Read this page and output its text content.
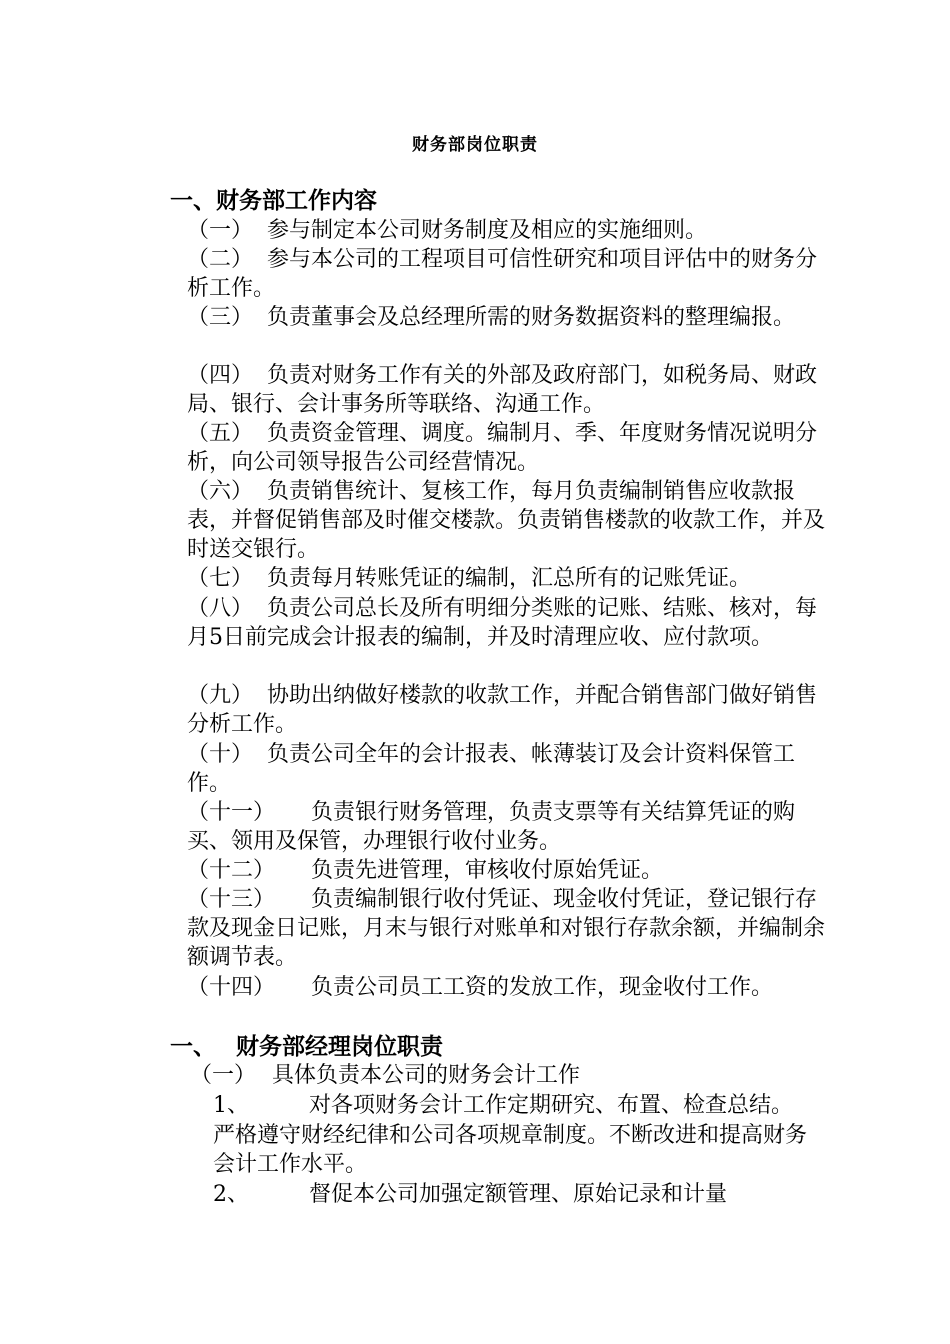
财务部岗位职责
一、财务部工作内容
（一） 参与制定本公司财务制度及相应的实施细则。
（二） 参与本公司的工程项目可信性研究和项目评估中的财务分析工作。
（三） 负责董事会及总经理所需的财务数据资料的整理编报。
（四） 负责对财务工作有关的外部及政府部门，如税务局、财政局、银行、会计事务所等联络、沟通工作。
（五） 负责资金管理、调度。编制月、季、年度财务情况说明分析，向公司领导报告公司经营情况。
（六） 负责销售统计、复核工作，每月负责编制销售应收款报表，并督促销售部及时催交楼款。负责销售楼款的收款工作，并及时送交银行。
（七） 负责每月转账凭证的编制，汇总所有的记账凭证。
（八） 负责公司总长及所有明细分类账的记账、结账、核对，每月5日前完成会计报表的编制，并及时清理应收、应付款项。
（九） 协助出纳做好楼款的收款工作，并配合销售部门做好销售分析工作。
（十） 负责公司全年的会计报表、帐薄装订及会计资料保管工作。
（十一） 负责银行财务管理，负责支票等有关结算凭证的购买、领用及保管，办理银行收付业务。
（十二） 负责先进管理，审核收付原始凭证。
（十三） 负责编制银行收付凭证、现金收付凭证，登记银行存款及现金日记账，月末与银行对账单和对银行存款余额，并编制余额调节表。
（十四） 负责公司员工工资的发放工作，现金收付工作。
一、 财务部经理岗位职责
（一） 具体负责本公司的财务会计工作
1、	对各项财务会计工作定期研究、布置、检查总结。严格遵守财经纪律和公司各项规章制度。不断改进和提高财务会计工作水平。
2、	督促本公司加强定额管理、原始记录和计量
